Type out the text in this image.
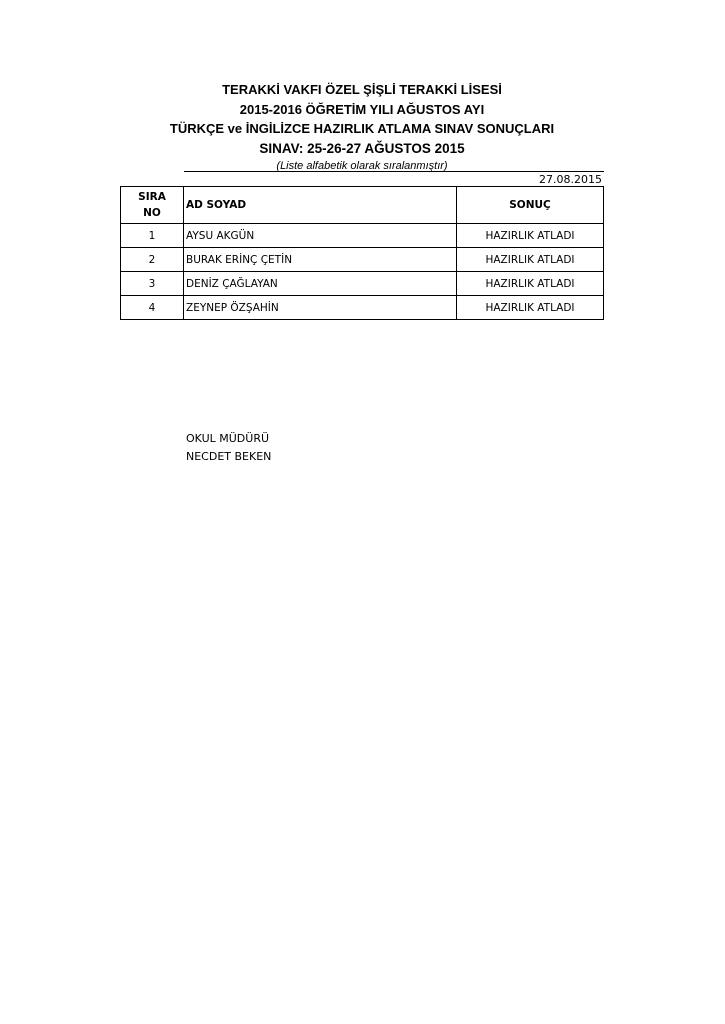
TERAKKİ VAKFI ÖZEL ŞİŞLİ TERAKKİ LİSESİ
2015-2016 ÖĞRETİM YILI AĞUSTOS AYI
TÜRKÇE ve İNGİLİZCE HAZIRLIK ATLAMA SINAV SONUÇLARI
SINAV: 25-26-27 AĞUSTOS 2015
(Liste alfabetik olarak sıralanmıştır)
27.08.2015
SIRA
NO	AD SOYAD	SONUÇ
1	AYSU AKGÜN	HAZIRLIK ATLADI
2	BURAK ERİNÇ ÇETİN	HAZIRLIK ATLADI
3	DENİZ ÇAĞLAYAN	HAZIRLIK ATLADI
4	ZEYNEP ÖZŞAHİN	HAZIRLIK ATLADI
OKUL MÜDÜRÜ
NECDET BEKEN
